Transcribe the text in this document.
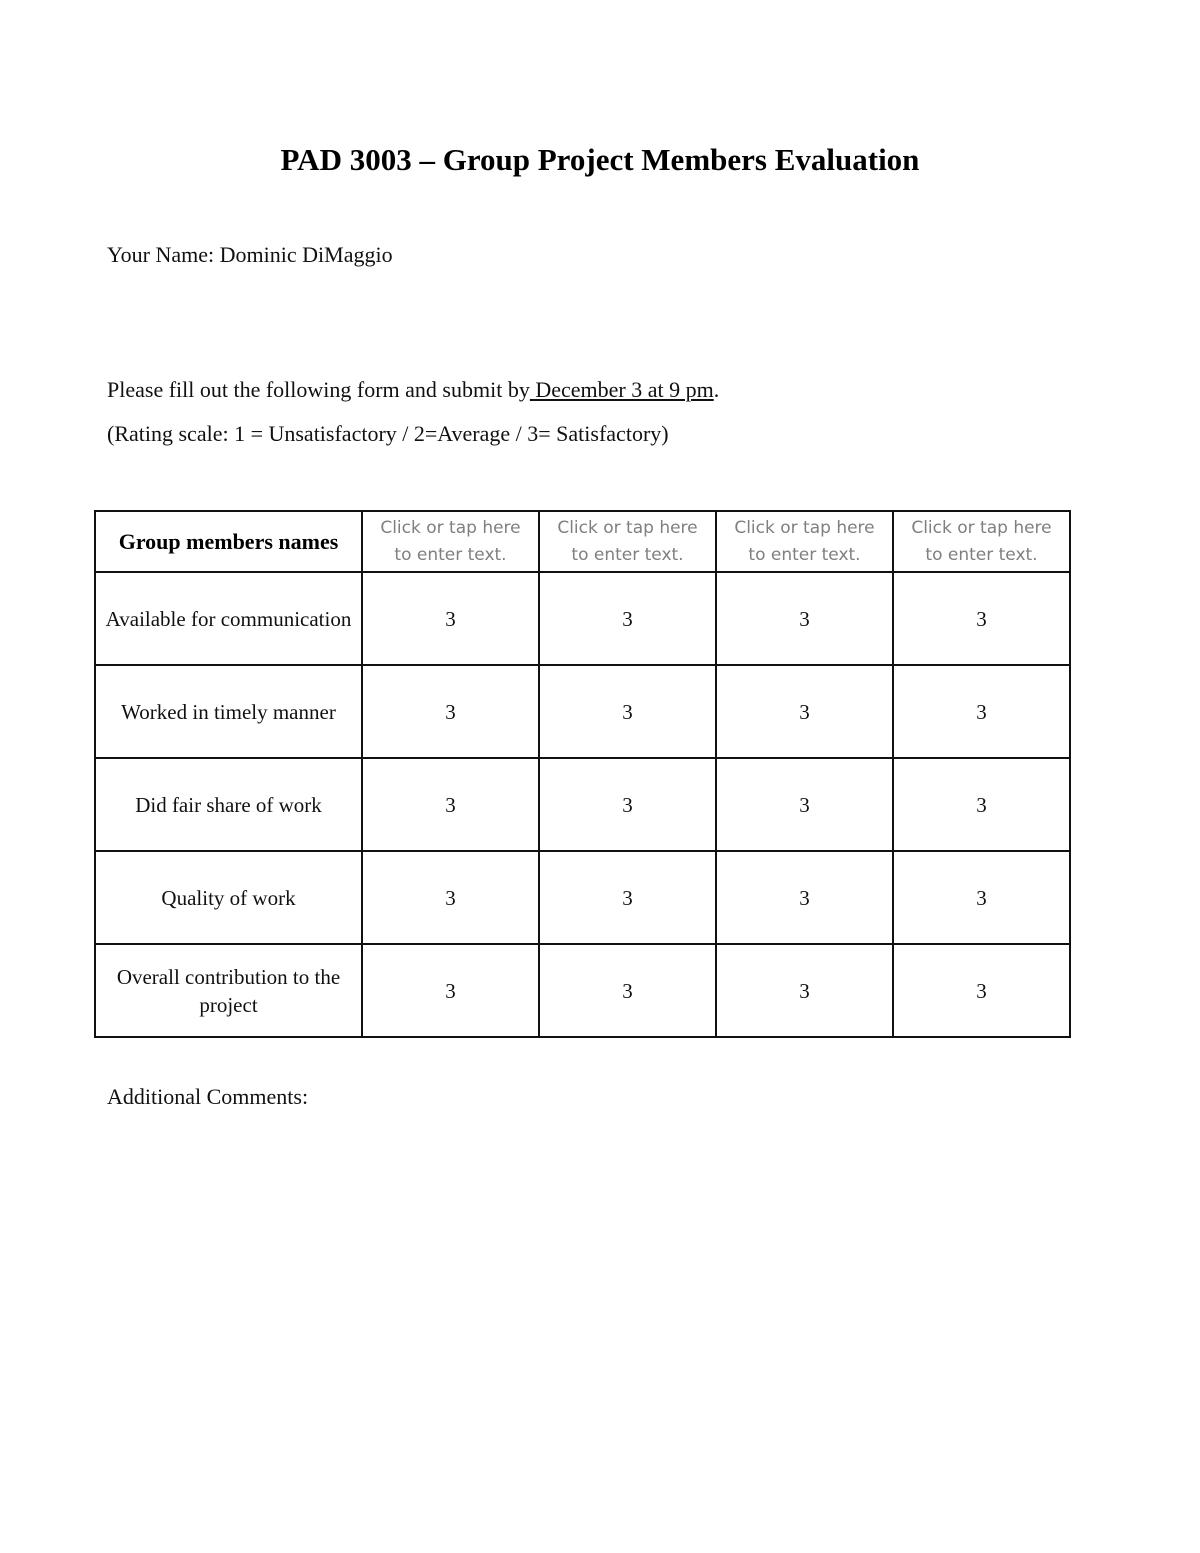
PAD 3003 – Group Project Members Evaluation
Your Name: Dominic DiMaggio
Please fill out the following form and submit by December 3 at 9 pm.
(Rating scale: 1 = Unsatisfactory / 2=Average / 3= Satisfactory)
Group members names	Click or tap here to enter text.	Click or tap here to enter text.	Click or tap here to enter text.	Click or tap here to enter text.
Available for communication	3	3	3	3
Worked in timely manner	3	3	3	3
Did fair share of work	3	3	3	3
Quality of work	3	3	3	3
Overall contribution to the project	3	3	3	3
Additional Comments:
